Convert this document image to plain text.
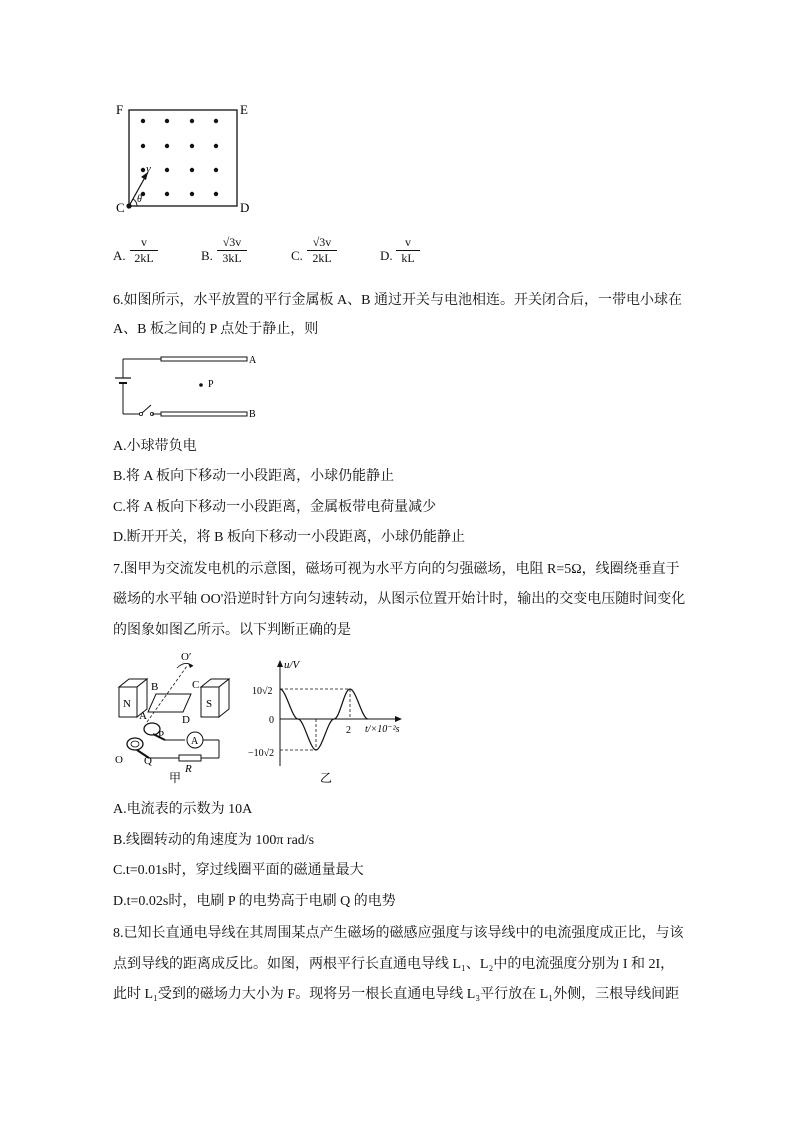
F	E
C	D
v
θ
A. $\frac{v}{2kL}$	B. $\frac{√3v}{3kL}$	C. $\frac{√3v}{2kL}$	D. $\frac{v}{kL}$
6.如图所示，水平放置的平行金属板 A、B 通过开关与电池相连。开关闭合后，一带电小球在
A、B 板之间的 P 点处于静止，则
A
B
P
A.小球带负电
B.将 A 板向下移动一小段距离，小球仍能静止
C.将 A 板向下移动一小段距离，金属板带电荷量减少
D.断开开关，将 B 板向下移动一小段距离，小球仍能静止
7.图甲为交流发电机的示意图，磁场可视为水平方向的匀强磁场，电阻 R=5Ω，线圈绕垂直于
磁场的水平轴 OO'沿逆时针方向匀速转动，从图示位置开始计时，输出的交变电压随时间变化
的图象如图乙所示。以下判断正确的是
N	S
O′
B	C
A	D
P
Q
O
A
R
甲
u/V
10√2
0
−10√2
2 t/×10⁻²s
乙
A.电流表的示数为 10A
B.线圈转动的角速度为 100π rad/s
C.t=0.01s时，穿过线圈平面的磁通量最大
D.t=0.02s时，电刷 P 的电势高于电刷 Q 的电势
8.已知长直通电导线在其周围某点产生磁场的磁感应强度与该导线中的电流强度成正比，与该
点到导线的距离成反比。如图，两根平行长直通电导线 L₁、L₂中的电流强度分别为 I 和 2I，
此时 L₁受到的磁场力大小为 F。现将另一根长直通电导线 L₃平行放在 L₁外侧，三根导线间距
